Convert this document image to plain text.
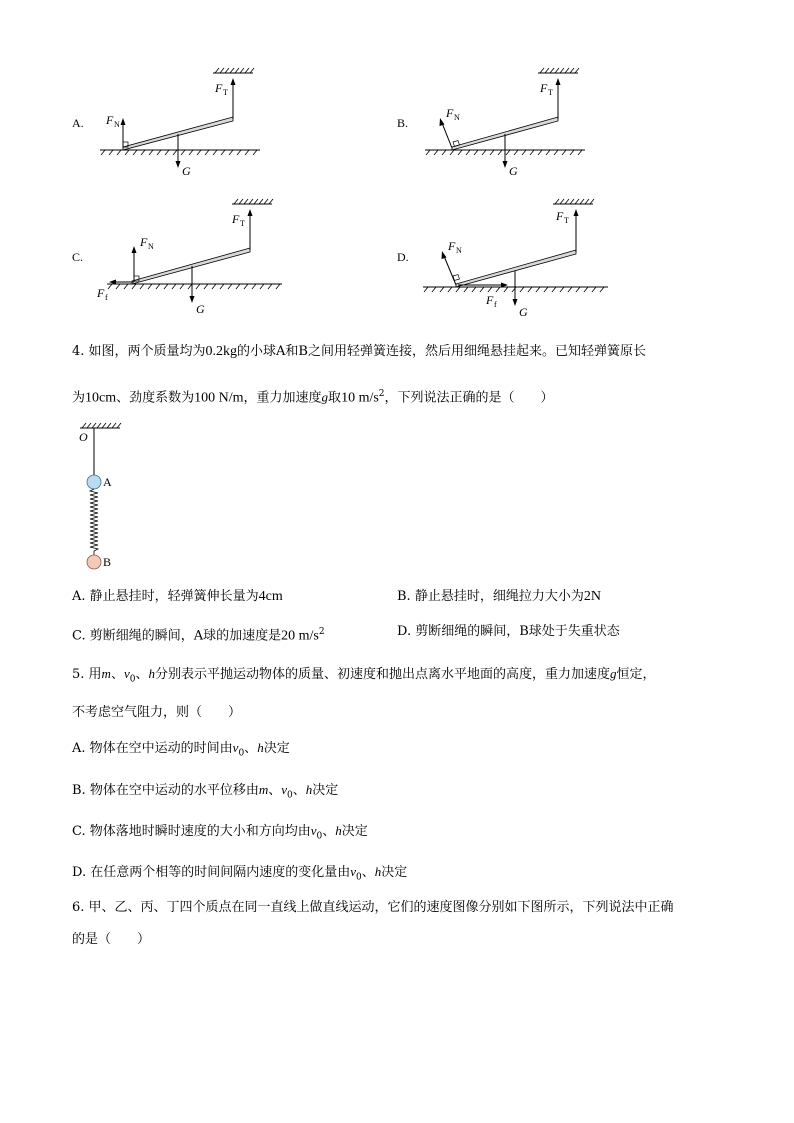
A.
F T
F N
G
B.
F T
F N
G
C.
F T
F N
F f
G
D.
F T
F N
F f
G
4. 如图，两个质量均为0.2kg的小球A和B之间用轻弹簧连接，然后用细绳悬挂起来。已知轻弹簧原长
为10cm、劲度系数为100 N/m，重力加速度g取10 $m/s^2$，下列说法正确的是（　　）
O
A
B
A. 静止悬挂时，轻弹簧伸长量为4cm	B. 静止悬挂时，细绳拉力大小为2N
C. 剪断细绳的瞬间，A球的加速度是20 $m/s^2$	D. 剪断细绳的瞬间，B球处于失重状态
5. 用m、$v_0$、h分别表示平抛运动物体的质量、初速度和抛出点离水平地面的高度，重力加速度g恒定，
不考虑空气阻力，则（　　）
A. 物体在空中运动的时间由$v_0$、h决定
B. 物体在空中运动的水平位移由m、$v_0$、h决定
C. 物体落地时瞬时速度的大小和方向均由$v_0$、h决定
D. 在任意两个相等的时间间隔内速度的变化量由$v_0$、h决定
6. 甲、乙、丙、丁四个质点在同一直线上做直线运动，它们的速度图像分别如下图所示，下列说法中正确
的是（　　）
